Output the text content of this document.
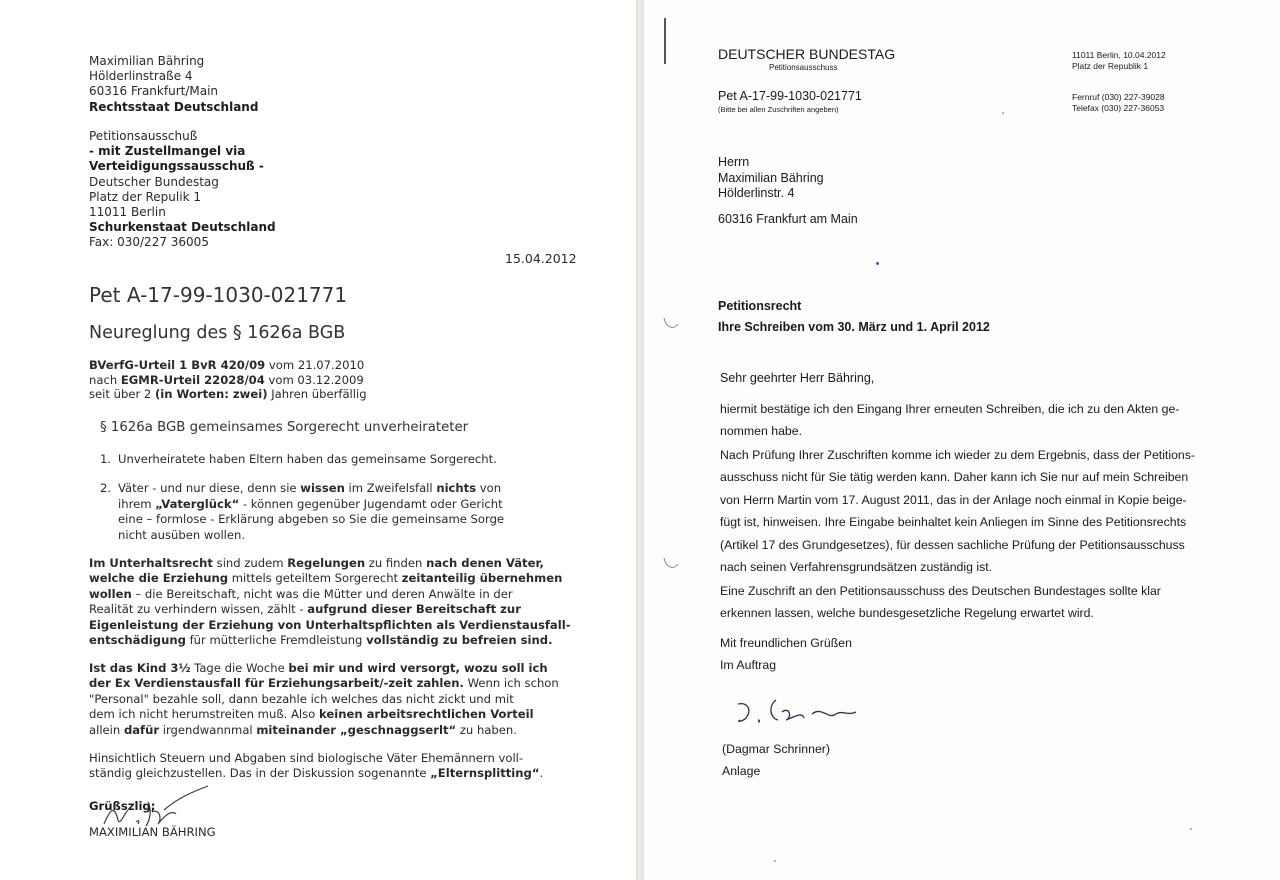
Maximilian Bähring
Hölderlinstraße 4
60316 Frankfurt/Main
Rechtsstaat Deutschland
Petitionsausschuß
- mit Zustellmangel via
Verteidigungssausschuß -
Deutscher Bundestag
Platz der Repulik 1
11011 Berlin
Schurkenstaat Deutschland
Fax: 030/227 36005
15.04.2012
Pet A-17-99-1030-021771
Neureglung des § 1626a BGB
BVerfG-Urteil 1 BvR 420/09 vom 21.07.2010
nach EGMR-Urteil 22028/04 vom 03.12.2009
seit über 2 (in Worten: zwei) Jahren überfällig
§ 1626a BGB gemeinsames Sorgerecht unverheirateter
1. Unverheiratete haben Eltern haben das gemeinsame Sorgerecht.
2. Väter - und nur diese, denn sie wissen im Zweifelsfall nichts von
ihrem „Vaterglück“ - können gegenüber Jugendamt oder Gericht
eine – formlose - Erklärung abgeben so Sie die gemeinsame Sorge
nicht ausüben wollen.
Im Unterhaltsrecht sind zudem Regelungen zu finden nach denen Väter,
welche die Erziehung mittels geteiltem Sorgerecht zeitanteilig übernehmen
wollen – die Bereitschaft, nicht was die Mütter und deren Anwälte in der
Realität zu verhindern wissen, zählt - aufgrund dieser Bereitschaft zur
Eigenleistung der Erziehung von Unterhaltspflichten als Verdienstausfall-
entschädigung für mütterliche Fremdleistung vollständig zu befreien sind.
Ist das Kind 3½ Tage die Woche bei mir und wird versorgt, wozu soll ich
der Ex Verdienstausfall für Erziehungsarbeit/-zeit zahlen. Wenn ich schon
"Personal" bezahle soll, dann bezahle ich welches das nicht zickt und mit
dem ich nicht herumstreiten muß. Also keinen arbeitsrechtlichen Vorteil
allein dafür irgendwannmal miteinander „geschnaggserlt“ zu haben.
Hinsichtlich Steuern und Abgaben sind biologische Väter Ehemännern voll-
ständig gleichzustellen. Das in der Diskussion sogenannte „Elternsplitting“.
Grüßszlig;
MAXIMILIAN BÄHRING
DEUTSCHER BUNDESTAG
Petitionsausschuss
11011 Berlin, 10.04.2012
Platz der Republik 1
Pet A-17-99-1030-021771
(Bitte bei allen Zuschriften angeben)
Fernruf (030) 227-39028
Telefax (030) 227-36053
Herrn
Maximilian Bähring
Hölderlinstr. 4
60316 Frankfurt am Main
Petitionsrecht
Ihre Schreiben vom 30. März und 1. April 2012
Sehr geehrter Herr Bähring,
hiermit bestätige ich den Eingang Ihrer erneuten Schreiben, die ich zu den Akten ge-
nommen habe.
Nach Prüfung Ihrer Zuschriften komme ich wieder zu dem Ergebnis, dass der Petitions-
ausschuss nicht für Sie tätig werden kann. Daher kann ich Sie nur auf mein Schreiben
von Herrn Martin vom 17. August 2011, das in der Anlage noch einmal in Kopie beige-
fügt ist, hinweisen. Ihre Eingabe beinhaltet kein Anliegen im Sinne des Petitionsrechts
(Artikel 17 des Grundgesetzes), für dessen sachliche Prüfung der Petitionsausschuss
nach seinen Verfahrensgrundsätzen zuständig ist.
Eine Zuschrift an den Petitionsausschuss des Deutschen Bundestages sollte klar
erkennen lassen, welche bundesgesetzliche Regelung erwartet wird.
Mit freundlichen Grüßen
Im Auftrag
(Dagmar Schrinner)
Anlage
